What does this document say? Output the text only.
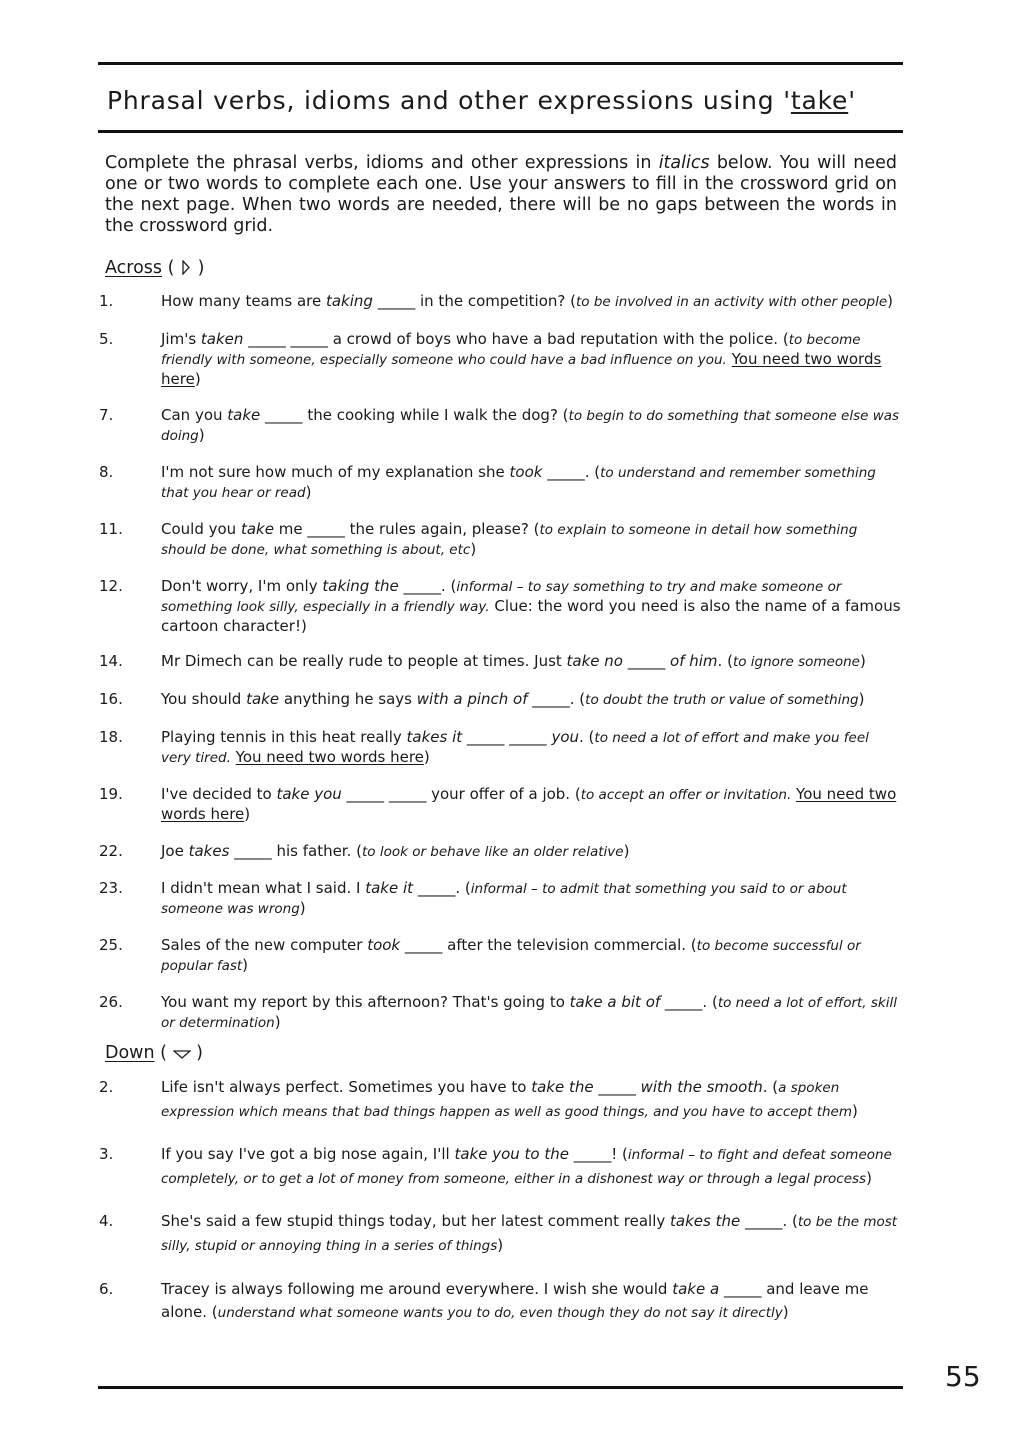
Phrasal verbs, idioms and other expressions using 'take'
Complete the phrasal verbs, idioms and other expressions in italics below. You will need one or two words to complete each one. Use your answers to fill in the crossword grid on the next page. When two words are needed, there will be no gaps between the words in the crossword grid.
Across (  )
1.	How many teams are taking _____ in the competition? (to be involved in an activity with other people)
5.	Jim's taken _____ _____ a crowd of boys who have a bad reputation with the police. (to become friendly with someone, especially someone who could have a bad influence on you. You need two words here)
7.	Can you take _____ the cooking while I walk the dog? (to begin to do something that someone else was doing)
8.	I'm not sure how much of my explanation she took _____. (to understand and remember something that you hear or read)
11.	Could you take me _____ the rules again, please? (to explain to someone in detail how something should be done, what something is about, etc)
12.	Don't worry, I'm only taking the _____. (informal – to say something to try and make someone or something look silly, especially in a friendly way. Clue: the word you need is also the name of a famous cartoon character!)
14.	Mr Dimech can be really rude to people at times. Just take no _____ of him. (to ignore someone)
16.	You should take anything he says with a pinch of _____. (to doubt the truth or value of something)
18.	Playing tennis in this heat really takes it _____ _____ you. (to need a lot of effort and make you feel very tired. You need two words here)
19.	I've decided to take you _____ _____ your offer of a job. (to accept an offer or invitation. You need two words here)
22.	Joe takes _____ his father. (to look or behave like an older relative)
23.	I didn't mean what I said. I take it _____. (informal – to admit that something you said to or about someone was wrong)
25.	Sales of the new computer took _____ after the television commercial. (to become successful or popular fast)
26.	You want my report by this afternoon? That's going to take a bit of _____. (to need a lot of effort, skill or determination)
Down (  )
2.	Life isn't always perfect. Sometimes you have to take the _____ with the smooth. (a spoken expression which means that bad things happen as well as good things, and you have to accept them)
3.	If you say I've got a big nose again, I'll take you to the _____! (informal – to fight and defeat someone completely, or to get a lot of money from someone, either in a dishonest way or through a legal process)
4.	She's said a few stupid things today, but her latest comment really takes the _____. (to be the most silly, stupid or annoying thing in a series of things)
6.	Tracey is always following me around everywhere. I wish she would take a _____ and leave me alone. (understand what someone wants you to do, even though they do not say it directly)
55
